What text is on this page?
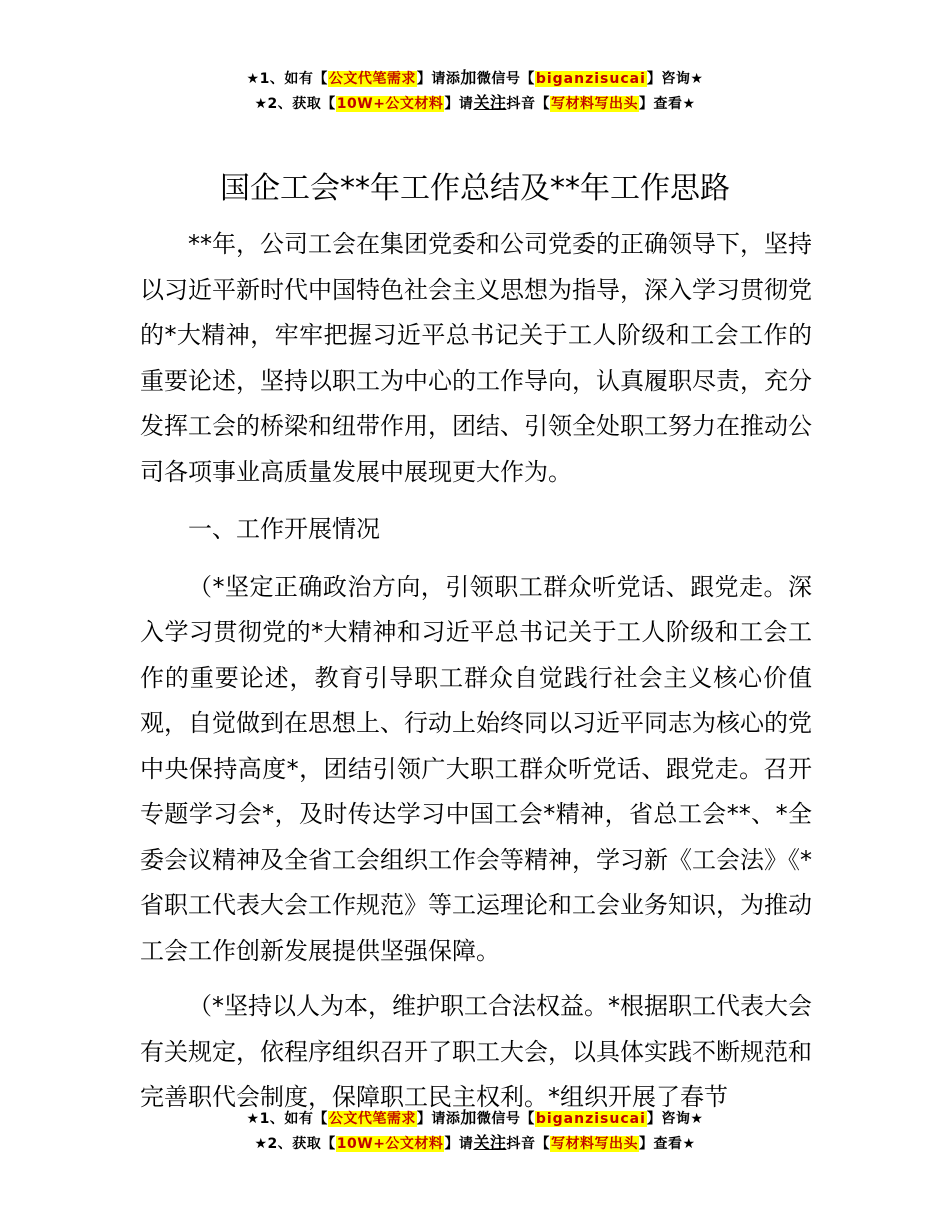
★1、如有【公文代笔需求】请添加微信号【biganzisucai】咨询★
★2、获取【10W+公文材料】请关注抖音【写材料写出头】查看★
国企工会**年工作总结及**年工作思路

**年，公司工会在集团党委和公司党委的正确领导下，坚持以习近平新时代中国特色社会主义思想为指导，深入学习贯彻党的*大精神，牢牢把握习近平总书记关于工人阶级和工会工作的重要论述，坚持以职工为中心的工作导向，认真履职尽责，充分发挥工会的桥梁和纽带作用，团结、引领全处职工努力在推动公司各项事业高质量发展中展现更大作为。

一、工作开展情况

（*坚定正确政治方向，引领职工群众听党话、跟党走。深入学习贯彻党的*大精神和习近平总书记关于工人阶级和工会工作的重要论述，教育引导职工群众自觉践行社会主义核心价值观，自觉做到在思想上、行动上始终同以习近平同志为核心的党中央保持高度*，团结引领广大职工群众听党话、跟党走。召开专题学习会*，及时传达学习中国工会*精神，省总工会**、*全委会议精神及全省工会组织工作会等精神，学习新《工会法》《*省职工代表大会工作规范》等工运理论和工会业务知识，为推动工会工作创新发展提供坚强保障。

（*坚持以人为本，维护职工合法权益。*根据职工代表大会有关规定，依程序组织召开了职工大会，以具体实践不断规范和完善职代会制度，保障职工民主权利。*组织开展了春节

★1、如有【公文代笔需求】请添加微信号【biganzisucai】咨询★
★2、获取【10W+公文材料】请关注抖音【写材料写出头】查看★
